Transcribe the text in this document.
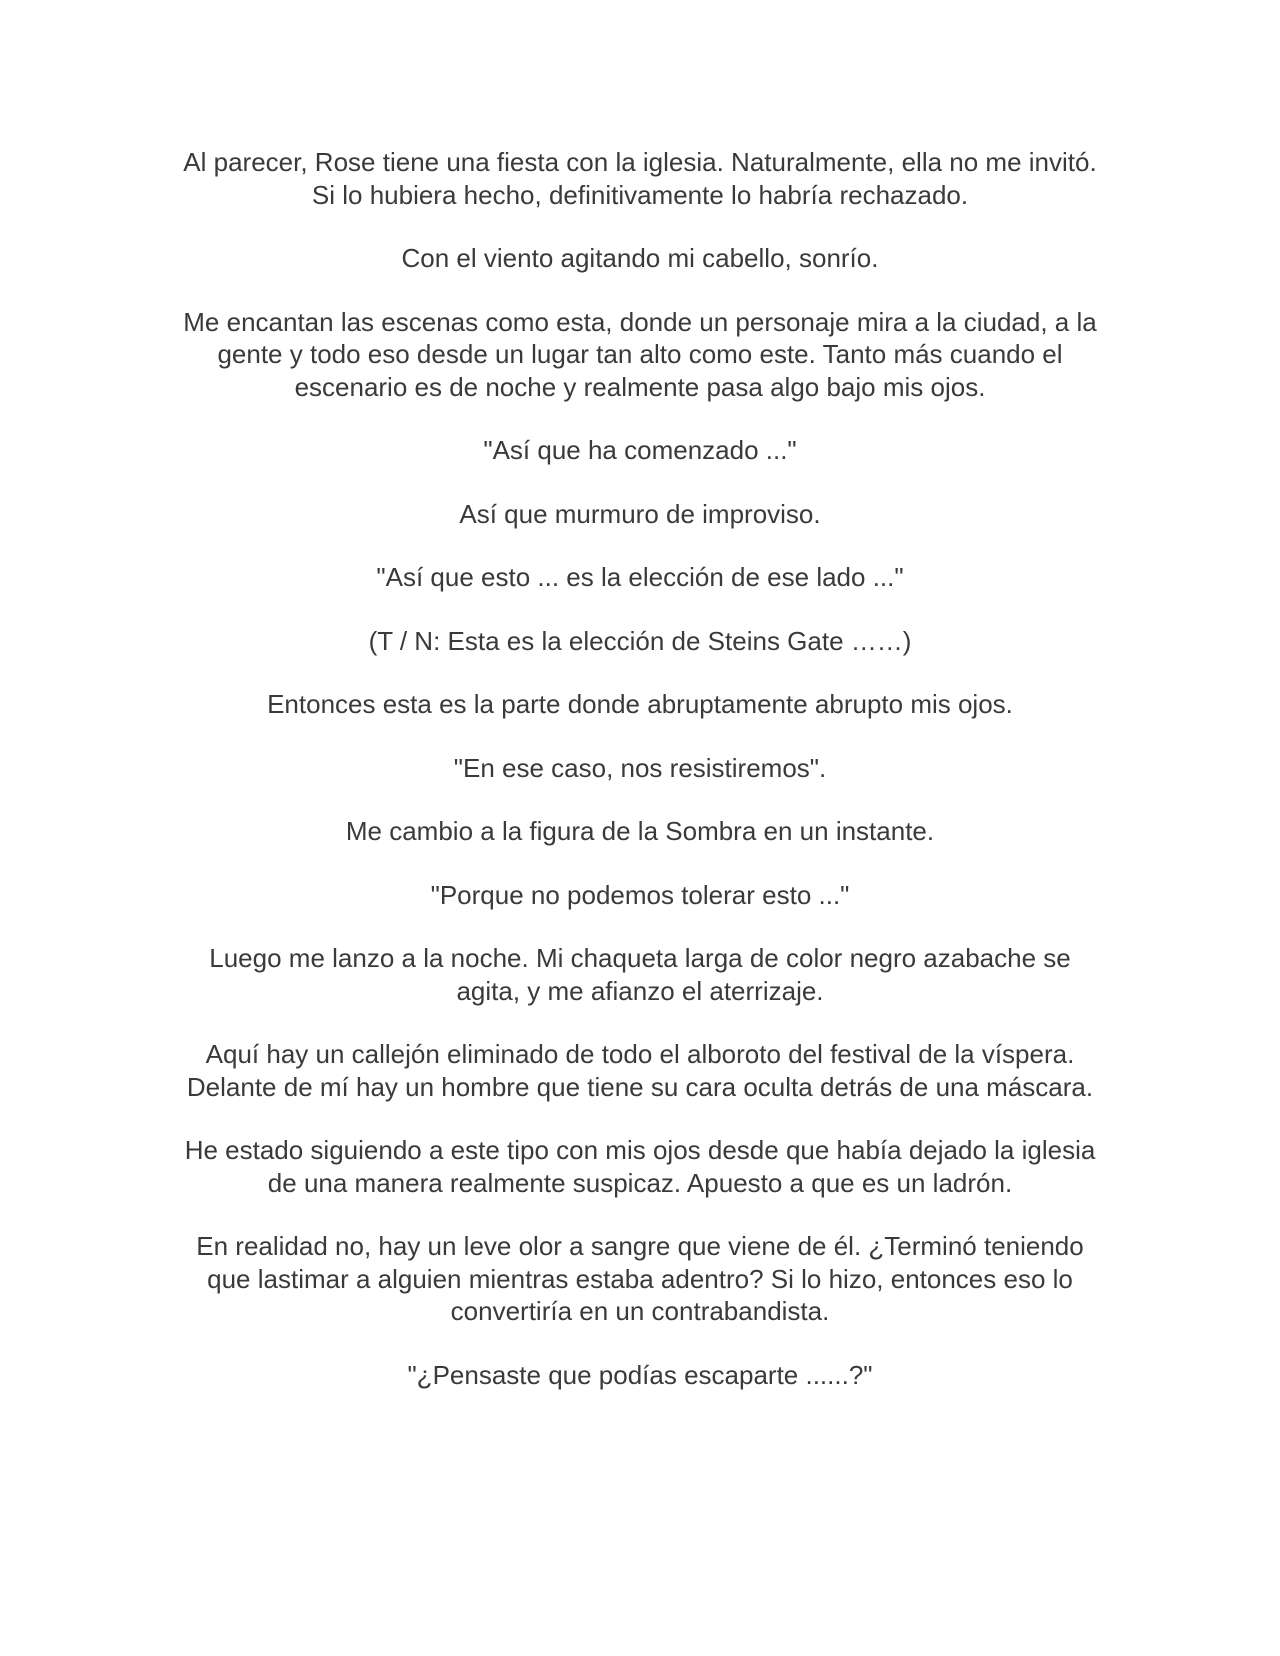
Al parecer, Rose tiene una fiesta con la iglesia. Naturalmente, ella no me invitó. Si lo hubiera hecho, definitivamente lo habría rechazado.

Con el viento agitando mi cabello, sonrío.

Me encantan las escenas como esta, donde un personaje mira a la ciudad, a la gente y todo eso desde un lugar tan alto como este. Tanto más cuando el escenario es de noche y realmente pasa algo bajo mis ojos.

"Así que ha comenzado ..."

Así que murmuro de improviso.

"Así que esto ... es la elección de ese lado ..."

(T / N: Esta es la elección de Steins Gate ……)

Entonces esta es la parte donde abruptamente abrupto mis ojos.

"En ese caso, nos resistiremos".

Me cambio a la figura de la Sombra en un instante.

"Porque no podemos tolerar esto ..."

Luego me lanzo a la noche. Mi chaqueta larga de color negro azabache se agita, y me afianzo el aterrizaje.

Aquí hay un callejón eliminado de todo el alboroto del festival de la víspera. Delante de mí hay un hombre que tiene su cara oculta detrás de una máscara.

He estado siguiendo a este tipo con mis ojos desde que había dejado la iglesia de una manera realmente suspicaz. Apuesto a que es un ladrón.

En realidad no, hay un leve olor a sangre que viene de él. ¿Terminó teniendo que lastimar a alguien mientras estaba adentro? Si lo hizo, entonces eso lo convertiría en un contrabandista.

"¿Pensaste que podías escaparte ......?"
